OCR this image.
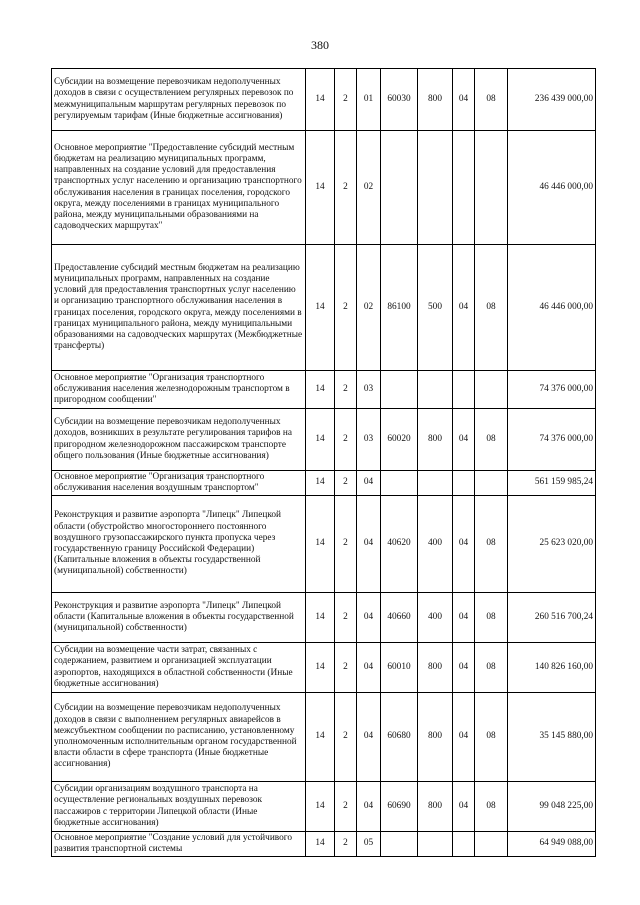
380
Субсидии на возмещение перевозчикам недополученных доходов в связи с осуществлением регулярных перевозок по межмуниципальным маршрутам регулярных перевозок по регулируемым тарифам (Иные бюджетные ассигнования)	14	2	01	60030	800	04	08	236 439 000,00
Основное мероприятие "Предоставление субсидий местным бюджетам на реализацию муниципальных программ, направленных на создание условий для предоставления транспортных услуг населению и организацию транспортного обслуживания населения в границах поселения, городского округа, между поселениями в границах муниципального района, между муниципальными образованиями на садоводческих маршрутах"	14	2	02					46 446 000,00
Предоставление субсидий местным бюджетам на реализацию муниципальных программ, направленных на создание условий для предоставления транспортных услуг населению и организацию транспортного обслуживания населения в границах поселения, городского округа, между поселениями в границах муниципального района, между муниципальными образованиями на садоводческих маршрутах (Межбюджетные трансферты)	14	2	02	86100	500	04	08	46 446 000,00
Основное мероприятие "Организация транспортного обслуживания населения железнодорожным транспортом в пригородном сообщении"	14	2	03					74 376 000,00
Субсидии на возмещение перевозчикам недополученных доходов, возникших в результате регулирования тарифов на пригородном железнодорожном пассажирском транспорте общего пользования (Иные бюджетные ассигнования)	14	2	03	60020	800	04	08	74 376 000,00
Основное мероприятие "Организация транспортного обслуживания населения воздушным транспортом"	14	2	04					561 159 985,24
Реконструкция и развитие аэропорта "Липецк" Липецкой области (обустройство многостороннего постоянного воздушного грузопассажирского пункта пропуска через государственную границу Российской Федерации) (Капитальные вложения в объекты государственной (муниципальной) собственности)	14	2	04	40620	400	04	08	25 623 020,00
Реконструкция и развитие аэропорта "Липецк" Липецкой области (Капитальные вложения в объекты государственной (муниципальной) собственности)	14	2	04	40660	400	04	08	260 516 700,24
Субсидии на возмещение части затрат, связанных с содержанием, развитием и организацией эксплуатации аэропортов, находящихся в областной собственности (Иные бюджетные ассигнования)	14	2	04	60010	800	04	08	140 826 160,00
Субсидии на возмещение перевозчикам недополученных доходов в связи с выполнением регулярных авиарейсов в межсубъектном сообщении по расписанию, установленному уполномоченным исполнительным органом государственной власти области в сфере транспорта (Иные бюджетные ассигнования)	14	2	04	60680	800	04	08	35 145 880,00
Субсидии организациям воздушного транспорта на осуществление региональных воздушных перевозок пассажиров с территории Липецкой области (Иные бюджетные ассигнования)	14	2	04	60690	800	04	08	99 048 225,00
Основное мероприятие "Создание условий для устойчивого развития транспортной системы	14	2	05					64 949 088,00
